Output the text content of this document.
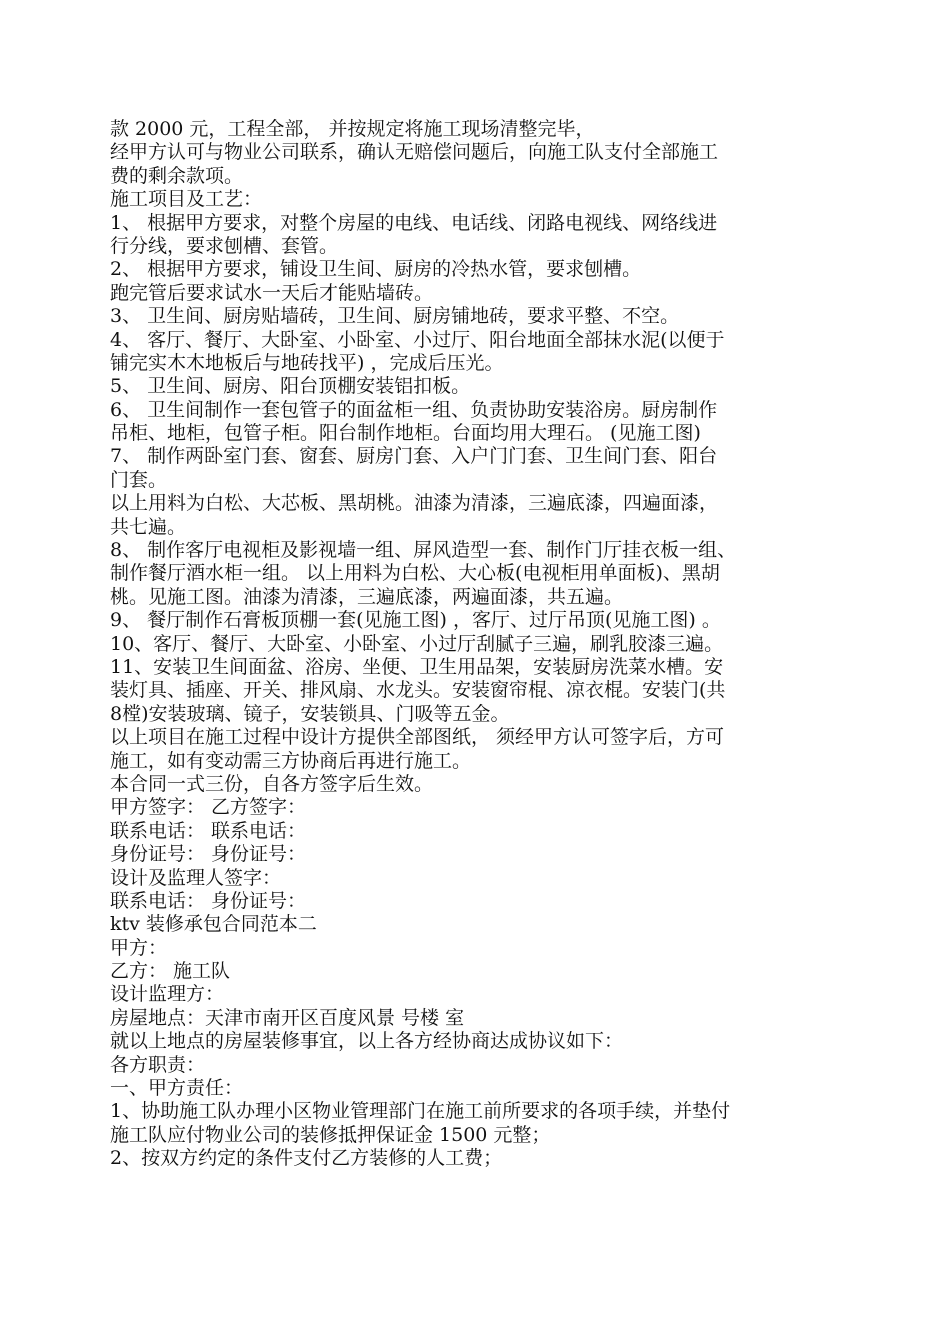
款 2000 元，工程全部， 并按规定将施工现场清整完毕，
经甲方认可与物业公司联系，确认无赔偿问题后，向施工队支付全部施工
费的剩余款项。
施工项目及工艺：
1、 根据甲方要求，对整个房屋的电线、电话线、闭路电视线、网络线进
行分线，要求刨槽、套管。
2、 根据甲方要求，铺设卫生间、厨房的冷热水管，要求刨槽。
跑完管后要求试水一天后才能贴墙砖。
3、 卫生间、厨房贴墙砖，卫生间、厨房铺地砖，要求平整、不空。
4、 客厅、餐厅、大卧室、小卧室、小过厅、阳台地面全部抹水泥(以便于
铺完实木木地板后与地砖找平) ，完成后压光。
5、 卫生间、厨房、阳台顶棚安装铝扣板。
6、 卫生间制作一套包管子的面盆柜一组、负责协助安装浴房。厨房制作
吊柜、地柜，包管子柜。阳台制作地柜。台面均用大理石。 (见施工图)
7、 制作两卧室门套、窗套、厨房门套、入户门门套、卫生间门套、阳台
门套。
以上用料为白松、大芯板、黑胡桃。油漆为清漆，三遍底漆，四遍面漆，
共七遍。
8、 制作客厅电视柜及影视墙一组、屏风造型一套、制作门厅挂衣板一组、
制作餐厅酒水柜一组。 以上用料为白松、大心板(电视柜用单面板)、黑胡
桃。见施工图。油漆为清漆，三遍底漆，两遍面漆，共五遍。
9、 餐厅制作石膏板顶棚一套(见施工图) ，客厅、过厅吊顶(见施工图) 。
10、客厅、餐厅、大卧室、小卧室、小过厅刮腻子三遍，刷乳胶漆三遍。
11、安装卫生间面盆、浴房、坐便、卫生用品架，安装厨房洗菜水槽。安
装灯具、插座、开关、排风扇、水龙头。安装窗帘棍、凉衣棍。安装门(共
8樘)安装玻璃、镜子，安装锁具、门吸等五金。
以上项目在施工过程中设计方提供全部图纸， 须经甲方认可签字后，方可
施工，如有变动需三方协商后再进行施工。
本合同一式三份，自各方签字后生效。
甲方签字： 乙方签字：
联系电话： 联系电话：
身份证号： 身份证号：
设计及监理人签字：
联系电话： 身份证号：
ktv 装修承包合同范本二
甲方：
乙方： 施工队
设计监理方：
房屋地点：天津市南开区百度风景 号楼 室
就以上地点的房屋装修事宜，以上各方经协商达成协议如下：
各方职责：
一、甲方责任：
1、协助施工队办理小区物业管理部门在施工前所要求的各项手续，并垫付
施工队应付物业公司的装修抵押保证金 1500 元整；
2、按双方约定的条件支付乙方装修的人工费；
